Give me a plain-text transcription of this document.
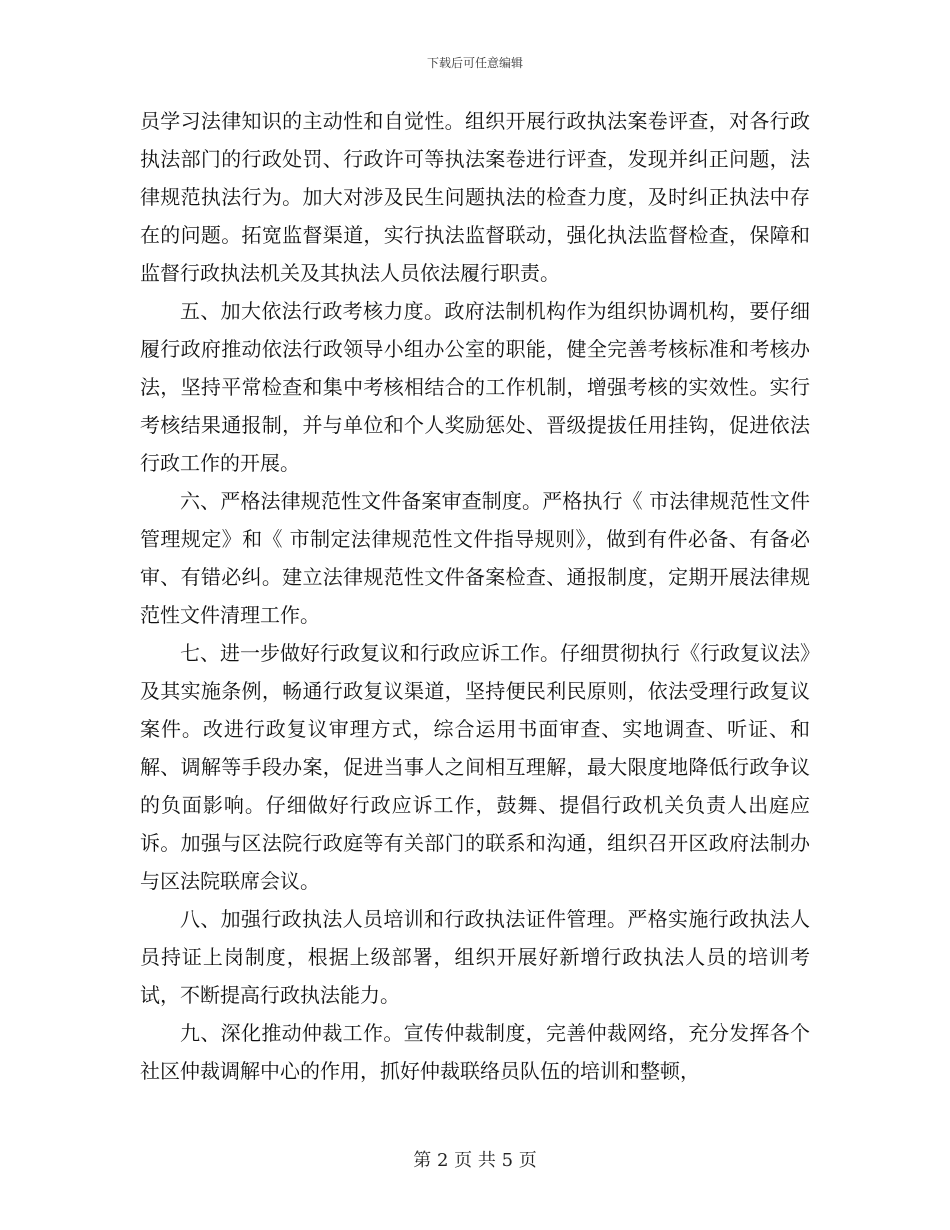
下载后可任意编辑

员学习法律知识的主动性和自觉性。组织开展行政执法案卷评查，对各行政执法部门的行政处罚、行政许可等执法案卷进行评查，发现并纠正问题，法律规范执法行为。加大对涉及民生问题执法的检查力度，及时纠正执法中存在的问题。拓宽监督渠道，实行执法监督联动，强化执法监督检查，保障和监督行政执法机关及其执法人员依法履行职责。

五、加大依法行政考核力度。政府法制机构作为组织协调机构，要仔细履行政府推动依法行政领导小组办公室的职能，健全完善考核标准和考核办法，坚持平常检查和集中考核相结合的工作机制，增强考核的实效性。实行考核结果通报制，并与单位和个人奖励惩处、晋级提拔任用挂钩，促进依法行政工作的开展。

六、严格法律规范性文件备案审查制度。严格执行《 市法律规范性文件管理规定》和《 市制定法律规范性文件指导规则》，做到有件必备、有备必审、有错必纠。建立法律规范性文件备案检查、通报制度，定期开展法律规范性文件清理工作。

七、进一步做好行政复议和行政应诉工作。仔细贯彻执行《行政复议法》及其实施条例，畅通行政复议渠道，坚持便民利民原则，依法受理行政复议案件。改进行政复议审理方式，综合运用书面审查、实地调查、听证、和解、调解等手段办案，促进当事人之间相互理解，最大限度地降低行政争议的负面影响。仔细做好行政应诉工作，鼓舞、提倡行政机关负责人出庭应诉。加强与区法院行政庭等有关部门的联系和沟通，组织召开区政府法制办与区法院联席会议。

八、加强行政执法人员培训和行政执法证件管理。严格实施行政执法人员持证上岗制度，根据上级部署，组织开展好新增行政执法人员的培训考试，不断提高行政执法能力。

九、深化推动仲裁工作。宣传仲裁制度，完善仲裁网络，充分发挥各个社区仲裁调解中心的作用，抓好仲裁联络员队伍的培训和整顿，

第 2 页 共 5 页
